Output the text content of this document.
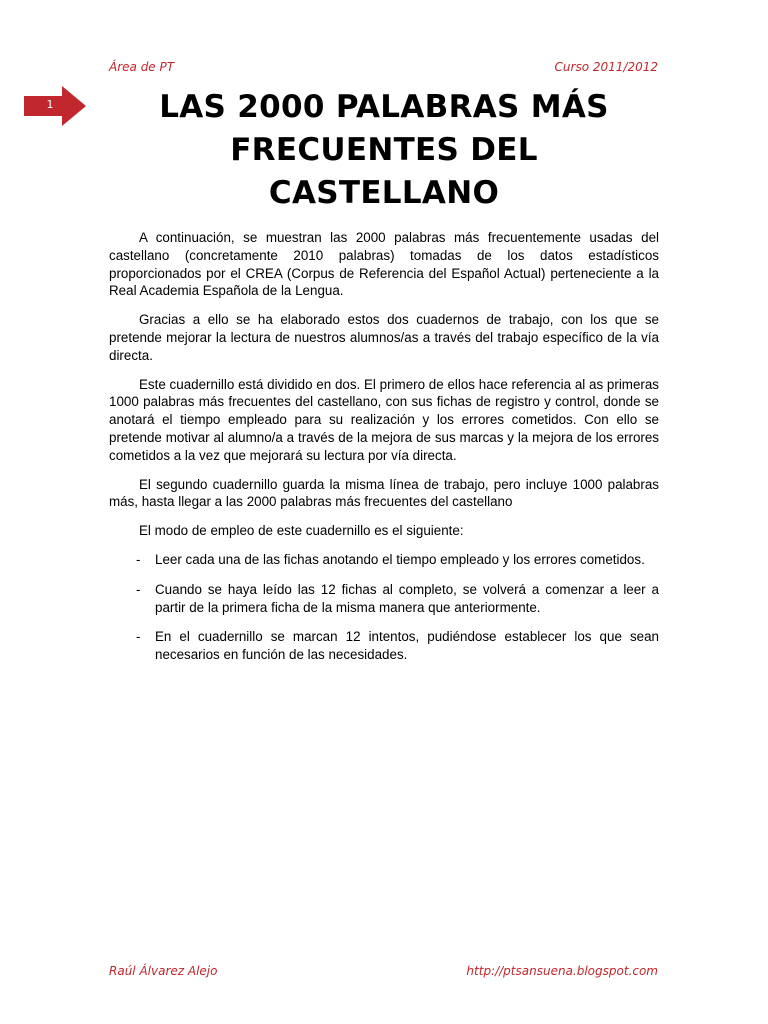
Área de PT	Curso 2011/2012
1	LAS 2000 PALABRAS MÁS
FRECUENTES DEL
CASTELLANO

A continuación, se muestran las 2000 palabras más frecuentemente usadas del castellano (concretamente 2010 palabras) tomadas de los datos estadísticos proporcionados por el CREA (Corpus de Referencia del Español Actual) perteneciente a la Real Academia Española de la Lengua.

Gracias a ello se ha elaborado estos dos cuadernos de trabajo, con los que se pretende mejorar la lectura de nuestros alumnos/as a través del trabajo específico de la vía directa.

Este cuadernillo está dividido en dos. El primero de ellos hace referencia al as primeras 1000 palabras más frecuentes del castellano, con sus fichas de registro y control, donde se anotará el tiempo empleado para su realización y los errores cometidos. Con ello se pretende motivar al alumno/a a través de la mejora de sus marcas y la mejora de los errores cometidos a la vez que mejorará su lectura por vía directa.

El segundo cuadernillo guarda la misma línea de trabajo, pero incluye 1000 palabras más, hasta llegar a las 2000 palabras más frecuentes del castellano

El modo de empleo de este cuadernillo es el siguiente:

- Leer cada una de las fichas anotando el tiempo empleado y los errores cometidos.
- Cuando se haya leído las 12 fichas al completo, se volverá a comenzar a leer a partir de la primera ficha de la misma manera que anteriormente.
- En el cuadernillo se marcan 12 intentos, pudiéndose establecer los que sean necesarios en función de las necesidades.
Raúl Álvarez Alejo	http://ptsansuena.blogspot.com
